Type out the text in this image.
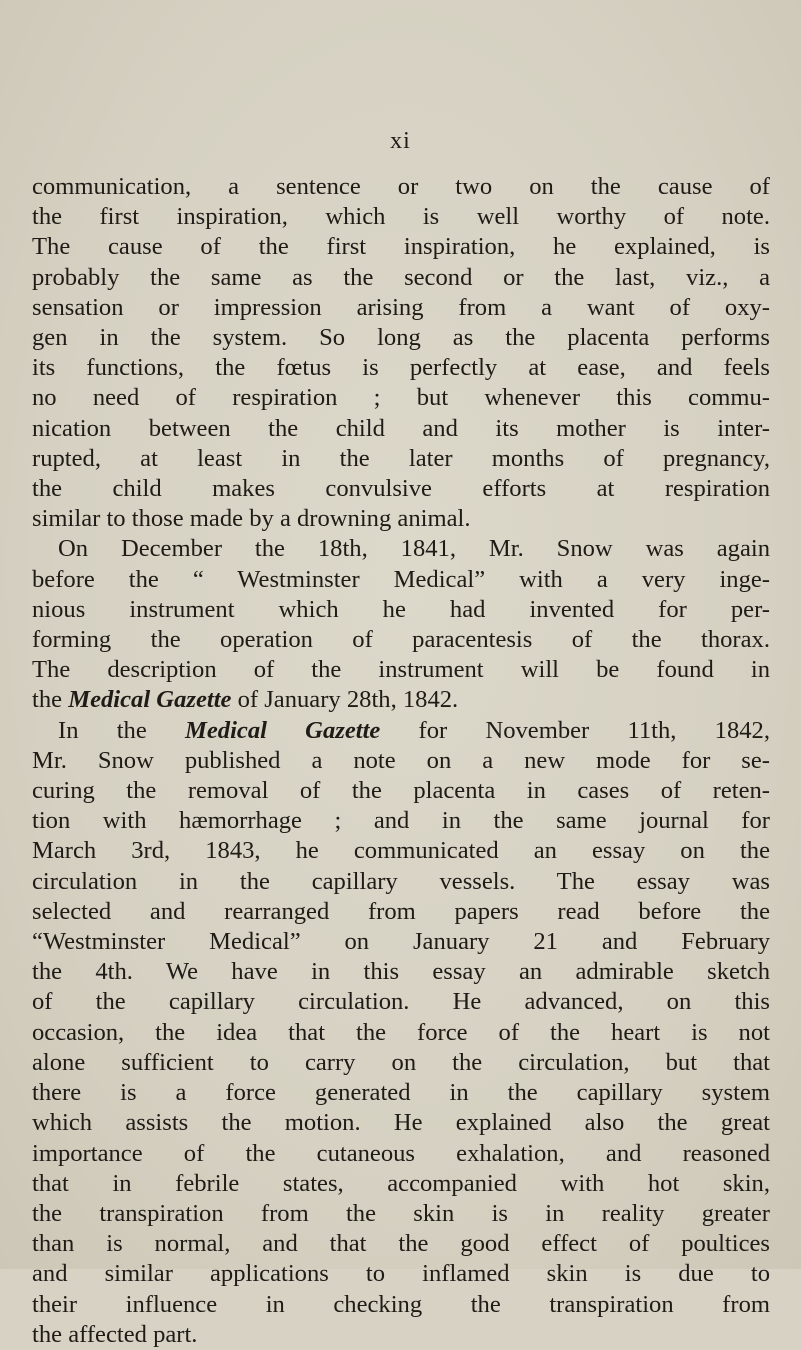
xi
communication, a sentence or two on the cause of
the first inspiration, which is well worthy of note.
The cause of the first inspiration, he explained, is
probably the same as the second or the last, viz., a
sensation or impression arising from a want of oxy-
gen in the system. So long as the placenta performs
its functions, the fœtus is perfectly at ease, and feels
no need of respiration ; but whenever this commu-
nication between the child and its mother is inter-
rupted, at least in the later months of pregnancy,
the child makes convulsive efforts at respiration
similar to those made by a drowning animal.
On December the 18th, 1841, Mr. Snow was again
before the “ Westminster Medical” with a very inge-
nious instrument which he had invented for per-
forming the operation of paracentesis of the thorax.
The description of the instrument will be found in
the Medical Gazette of January 28th, 1842.
In the Medical Gazette for November 11th, 1842,
Mr. Snow published a note on a new mode for se-
curing the removal of the placenta in cases of reten-
tion with hæmorrhage ; and in the same journal for
March 3rd, 1843, he communicated an essay on the
circulation in the capillary vessels. The essay was
selected and rearranged from papers read before the
“Westminster Medical” on January 21 and February
the 4th. We have in this essay an admirable sketch
of the capillary circulation. He advanced, on this
occasion, the idea that the force of the heart is not
alone sufficient to carry on the circulation, but that
there is a force generated in the capillary system
which assists the motion. He explained also the great
importance of the cutaneous exhalation, and reasoned
that in febrile states, accompanied with hot skin,
the transpiration from the skin is in reality greater
than is normal, and that the good effect of poultices
and similar applications to inflamed skin is due to
their influence in checking the transpiration from
the affected part.
